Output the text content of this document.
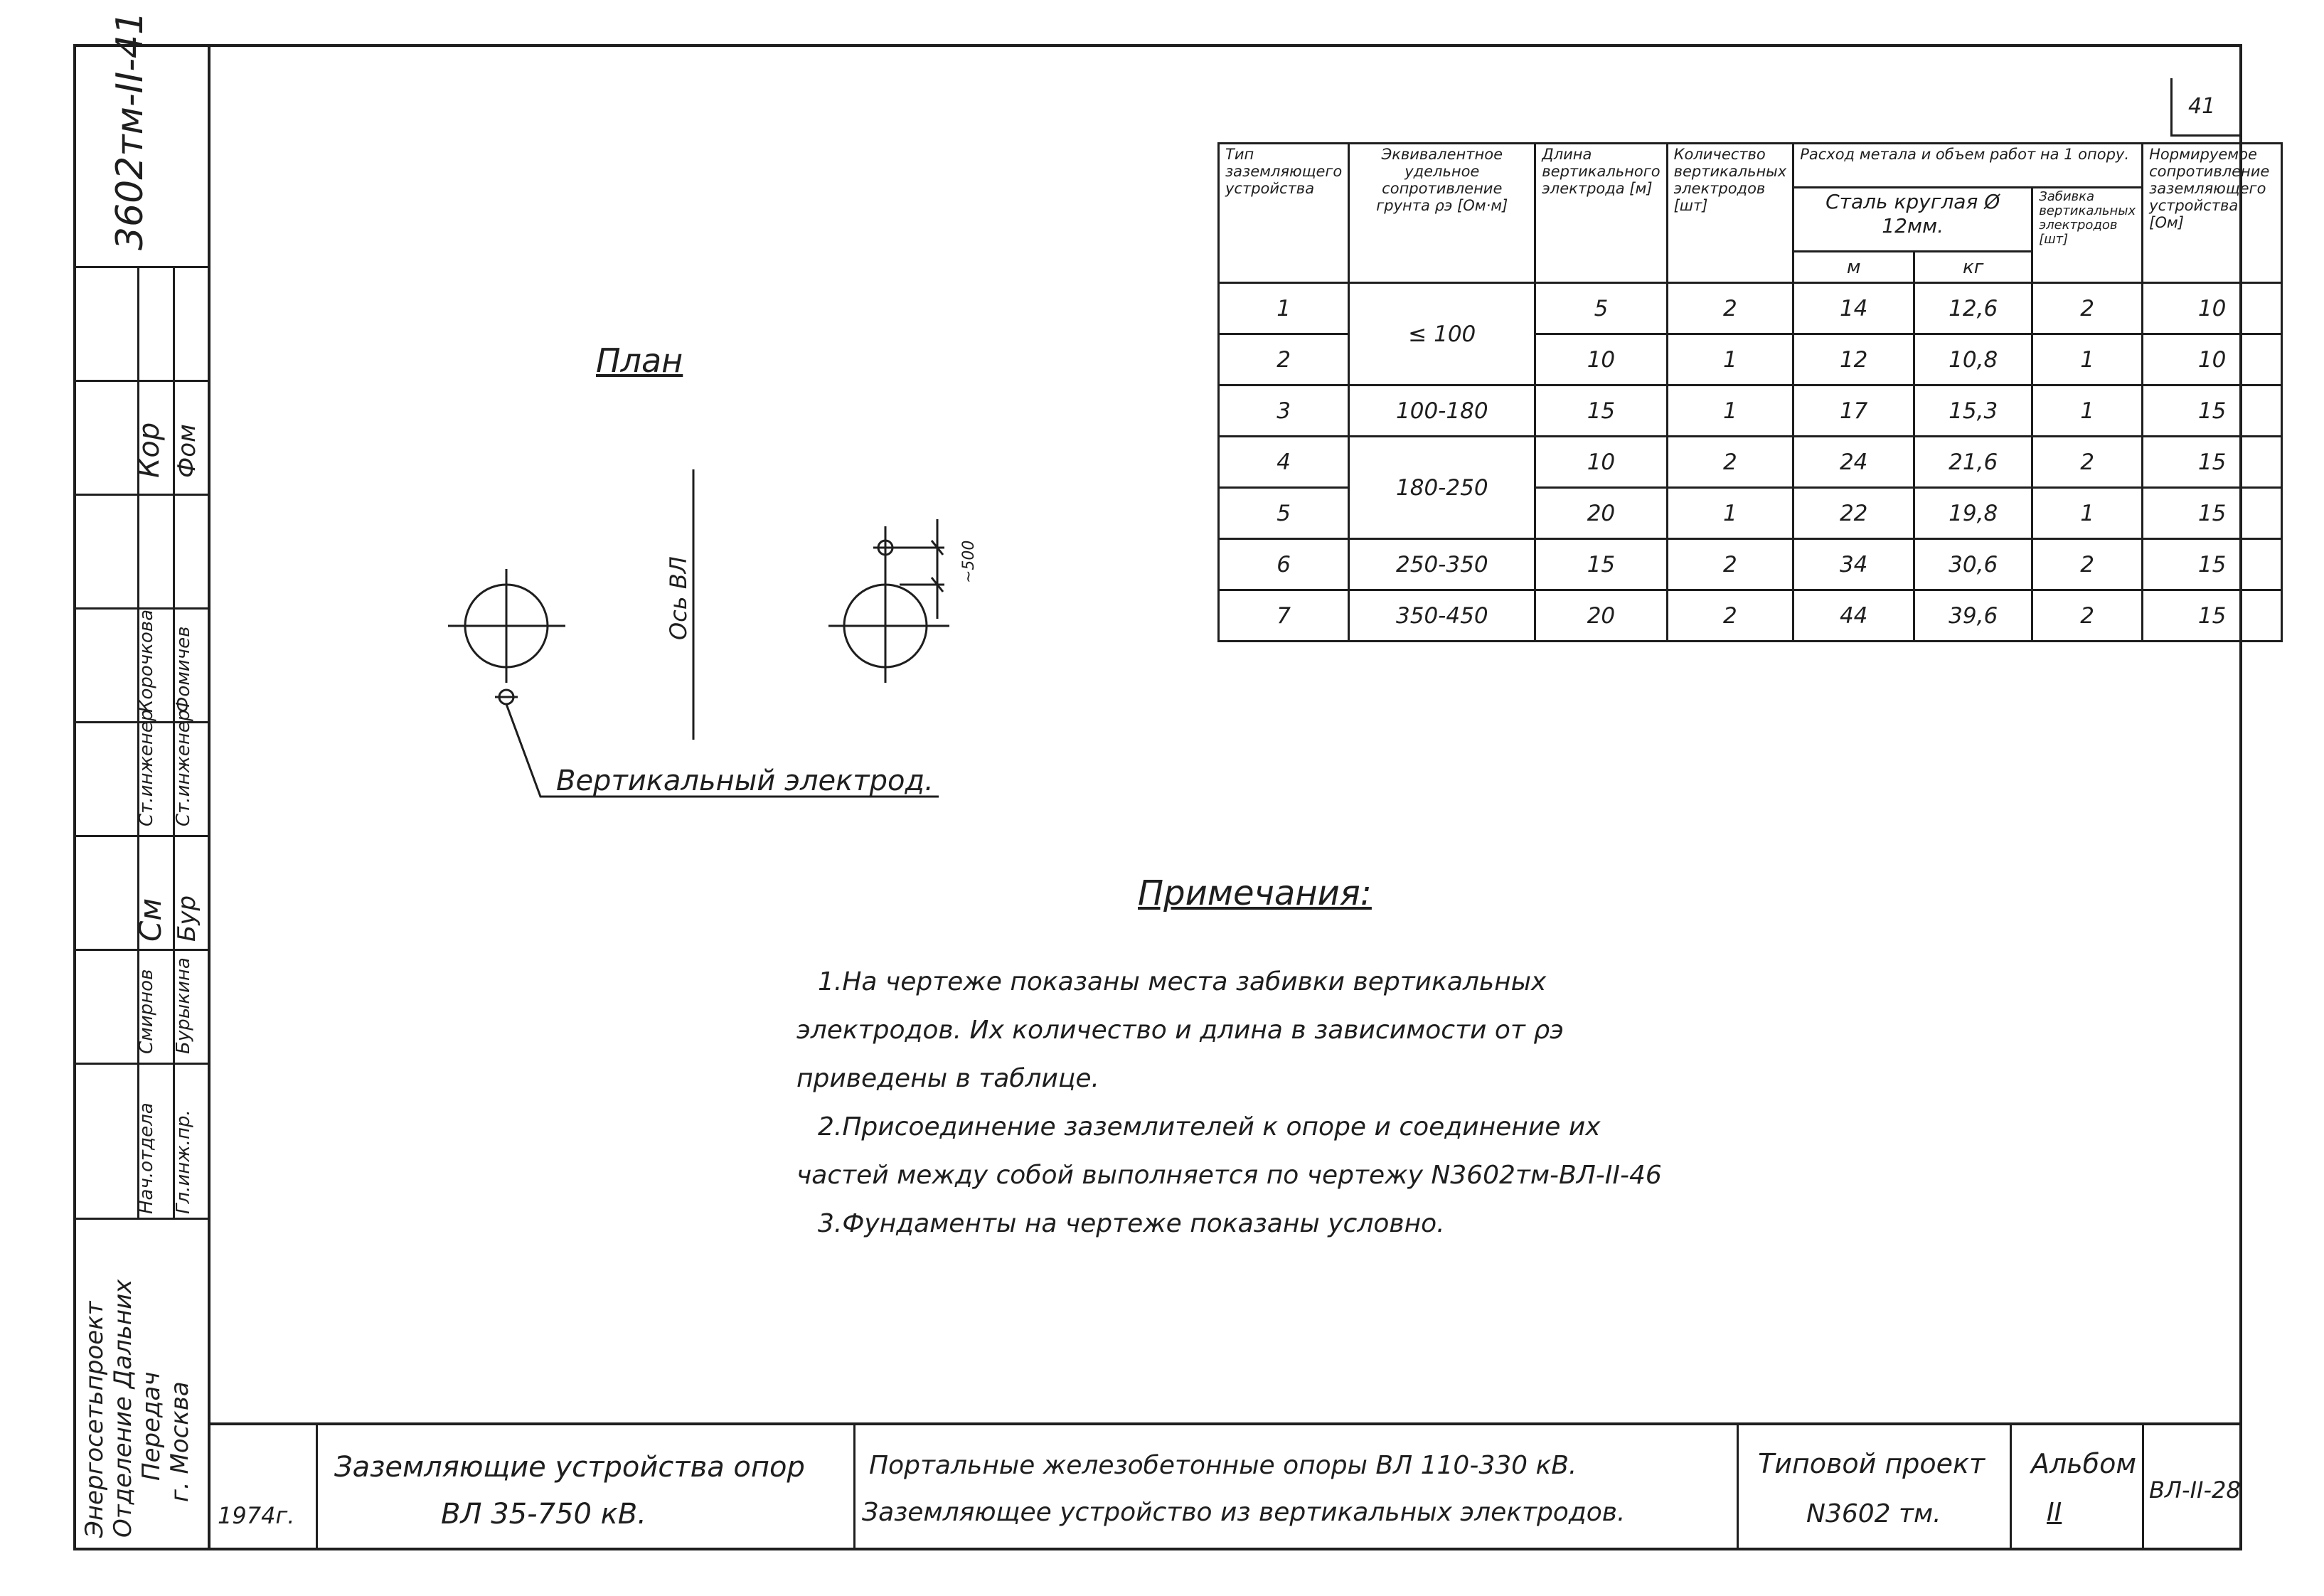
41
3602тм-II-41
Ст.инженер
Корочкова
Кор
Ст.инженер
Фомичев
Фом
Нач.отдела
Смирнов
См
Гл.инж.пр.
Бурыкина
Бур
Энергосетьпроект Отделение Дальних Передач г. Москва
План
Ось ВЛ	~500
Вертикальный электрод.
Тип заземляющего устройства	Эквивалентное удельное сопротивление грунта ρэ [Ом·м]	Длина вертикального электрода [м]	Количество вертикальных электродов [шт]	Расход метала и объем работ на 1 опору.			Нормируемое сопротивление заземляющего устройства [Ом]
				Сталь круглая Ø 12мм.		Забивка вертикальных электродов [шт]	
				м	кг		
1	≤ 100	5	2	14	12,6	2	10
2		10	1	12	10,8	1	10
3	100-180	15	1	17	15,3	1	15
4	180-250	10	2	24	21,6	2	15
5		20	1	22	19,8	1	15
6	250-350	15	2	34	30,6	2	15
7	350-450	20	2	44	39,6	2	15
Примечания:
1.На чертеже показаны места забивки вертикальных
электродов. Их количество и длина в зависимости от ρэ
приведены в таблице.
2.Присоединение заземлителей к опоре и соединение их
частей между собой выполняется по чертежу N3602тм-ВЛ-II-46
3.Фундаменты на чертеже показаны условно.
1974г.
Заземляющие устройства опор
ВЛ 35-750 кВ.
Портальные железобетонные опоры ВЛ 110-330 кВ.
Заземляющее устройство из вертикальных электродов.
Типовой проект
N3602 тм.
Альбом
II
ВЛ-II-28
